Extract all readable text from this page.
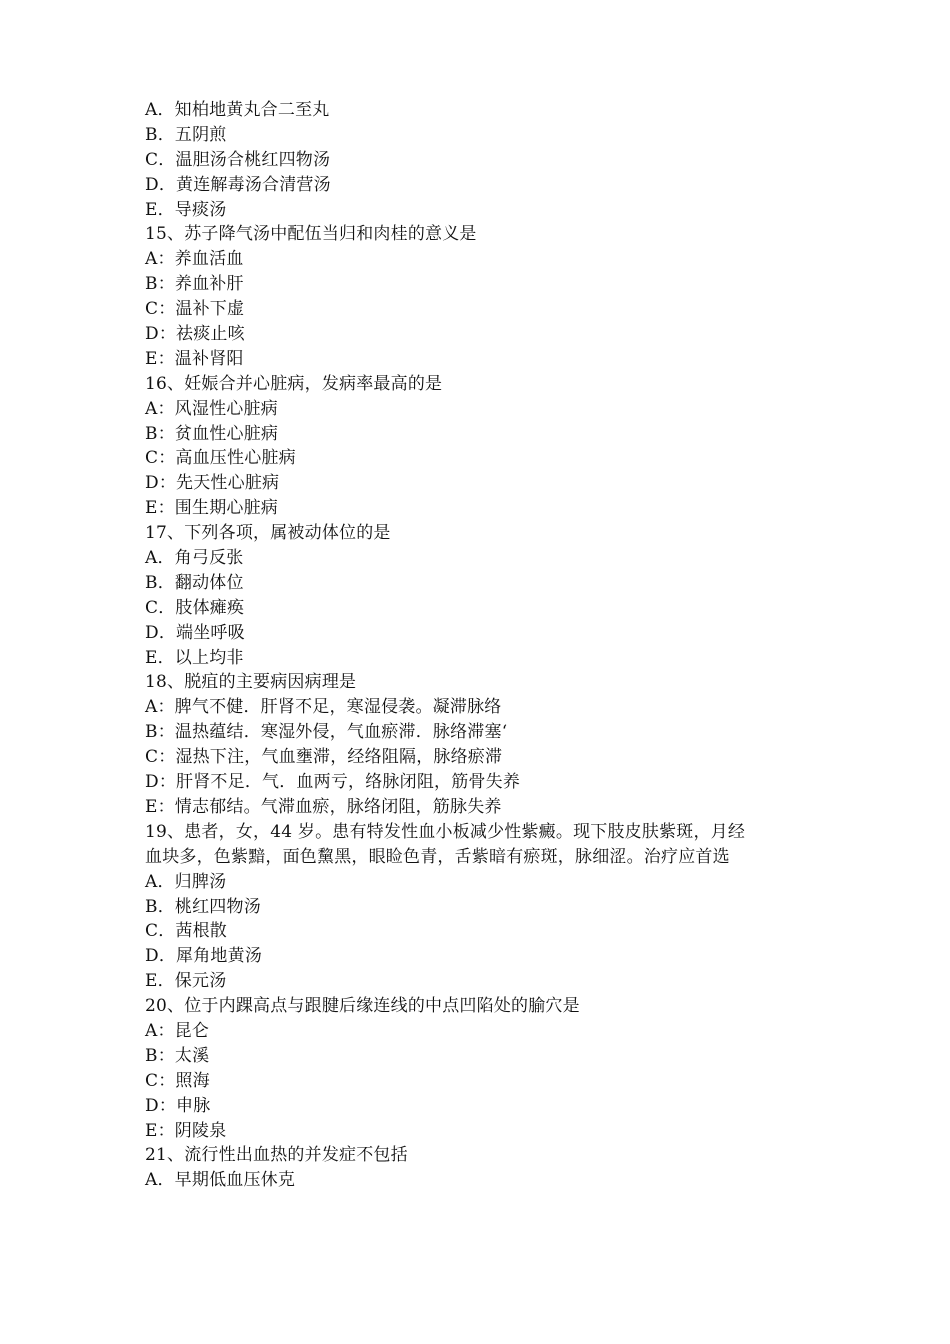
A．知柏地黄丸合二至丸
B．五阴煎
C．温胆汤合桃红四物汤
D．黄连解毒汤合清营汤
E．导痰汤
15、苏子降气汤中配伍当归和肉桂的意义是
A：养血活血
B：养血补肝
C：温补下虚
D：祛痰止咳
E：温补肾阳
16、妊娠合并心脏病，发病率最高的是
A：风湿性心脏病
B：贫血性心脏病
C：高血压性心脏病
D：先天性心脏病
E：围生期心脏病
17、下列各项，属被动体位的是
A．角弓反张
B．翻动体位
C．肢体瘫痪
D．端坐呼吸
E．以上均非
18、脱疽的主要病因病理是
A：脾气不健．肝肾不足，寒湿侵袭。凝滞脉络
B：温热蕴结．寒湿外侵，气血瘀滞．脉络滞塞‘
C：湿热下注，气血壅滞，经络阻隔，脉络瘀滞
D：肝肾不足．气．血两亏，络脉闭阻，筋骨失养
E：情志郁结。气滞血瘀，脉络闭阻，筋脉失养
19、患者，女，44 岁。患有特发性血小板减少性紫癜。现下肢皮肤紫斑，月经
血块多，色紫黯，面色黧黑，眼睑色青，舌紫暗有瘀斑，脉细涩。治疗应首选
A．归脾汤
B．桃红四物汤
C．茜根散
D．犀角地黄汤
E．保元汤
20、位于内踝高点与跟腱后缘连线的中点凹陷处的腧穴是
A：昆仑
B：太溪
C：照海
D：申脉
E：阴陵泉
21、流行性出血热的并发症不包括
A．早期低血压休克
